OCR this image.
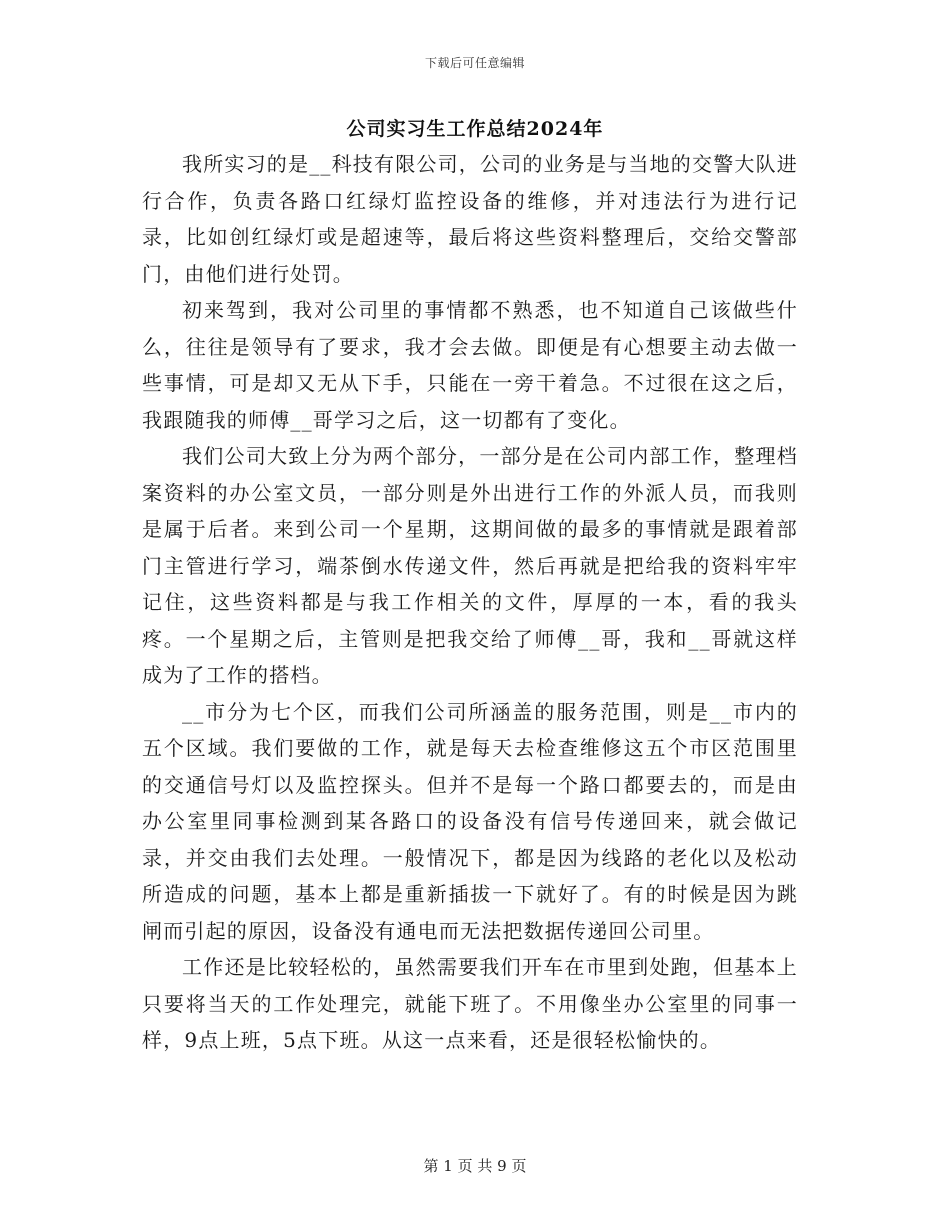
下载后可任意编辑
公司实习生工作总结2024年

我所实习的是__科技有限公司，公司的业务是与当地的交警大队进行合作，负责各路口红绿灯监控设备的维修，并对违法行为进行记录，比如创红绿灯或是超速等，最后将这些资料整理后，交给交警部门，由他们进行处罚。

初来驾到，我对公司里的事情都不熟悉，也不知道自己该做些什么，往往是领导有了要求，我才会去做。即便是有心想要主动去做一些事情，可是却又无从下手，只能在一旁干着急。不过很在这之后，我跟随我的师傅__哥学习之后，这一切都有了变化。

我们公司大致上分为两个部分，一部分是在公司内部工作，整理档案资料的办公室文员，一部分则是外出进行工作的外派人员，而我则是属于后者。来到公司一个星期，这期间做的最多的事情就是跟着部门主管进行学习，端茶倒水传递文件，然后再就是把给我的资料牢牢记住，这些资料都是与我工作相关的文件，厚厚的一本，看的我头疼。一个星期之后，主管则是把我交给了师傅__哥，我和__哥就这样成为了工作的搭档。

__市分为七个区，而我们公司所涵盖的服务范围，则是__市内的五个区域。我们要做的工作，就是每天去检查维修这五个市区范围里的交通信号灯以及监控探头。但并不是每一个路口都要去的，而是由办公室里同事检测到某各路口的设备没有信号传递回来，就会做记录，并交由我们去处理。一般情况下，都是因为线路的老化以及松动所造成的问题，基本上都是重新插拔一下就好了。有的时候是因为跳闸而引起的原因，设备没有通电而无法把数据传递回公司里。

工作还是比较轻松的，虽然需要我们开车在市里到处跑，但基本上只要将当天的工作处理完，就能下班了。不用像坐办公室里的同事一样，9点上班，5点下班。从这一点来看，还是很轻松愉快的。

第 1 页 共 9 页
